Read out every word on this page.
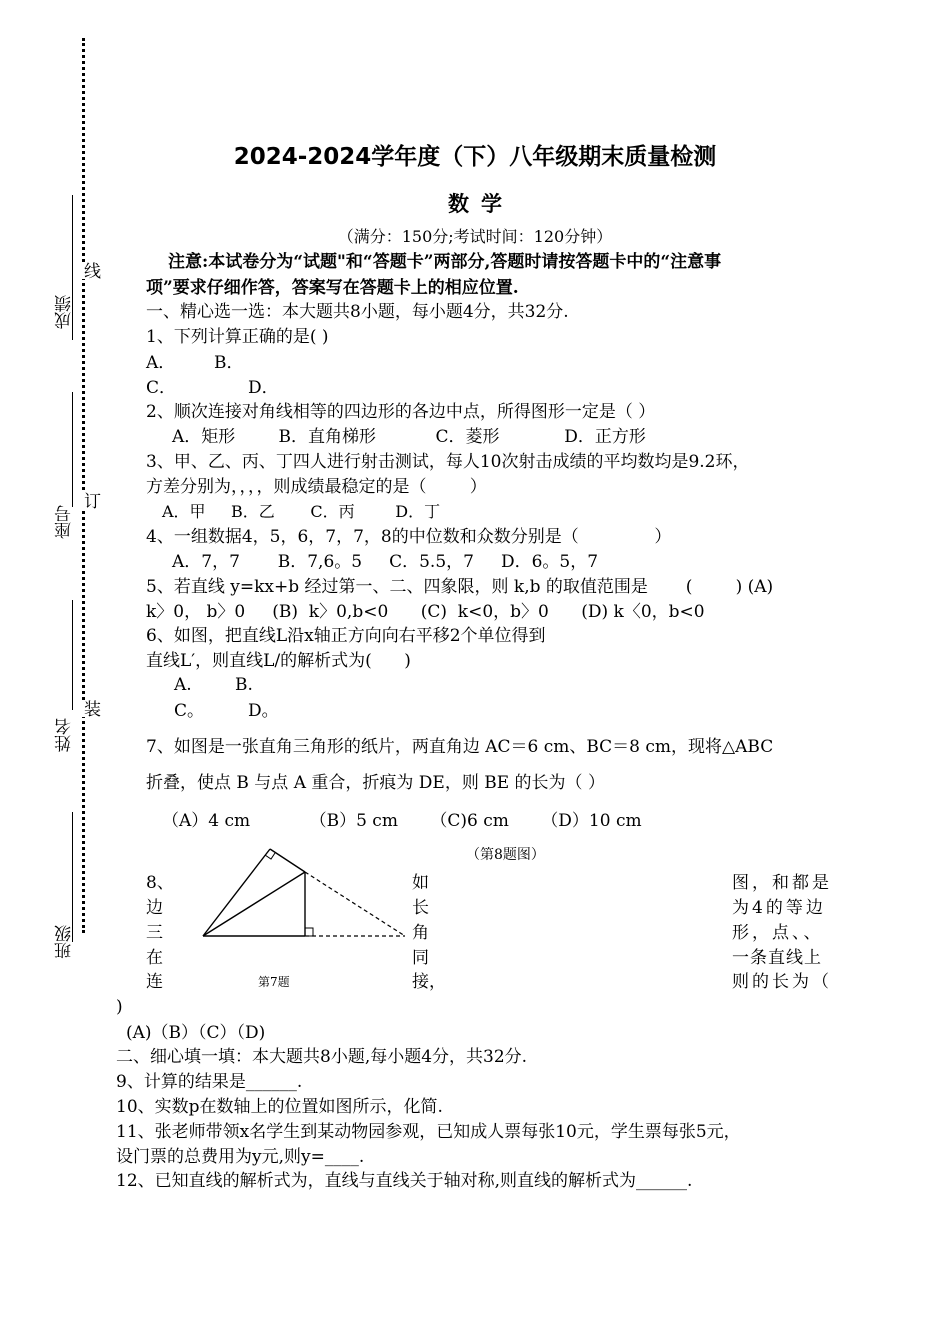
成绩
线
座号
订
姓名
装
班级
2024-2024学年度（下）八年级期末质量检测
数学
（满分：150分;考试时间：120分钟）
注意:本试卷分为“试题"和“答题卡”两部分,答题时请按答题卡中的“注意事
项”要求仔细作答，答案写在答题卡上的相应位置.
一、精心选一选：本大题共8小题，每小题4分，共32分.
1、下列计算正确的是( )
A． B．
C．	D．
2、顺次连接对角线相等的四边形的各边中点，所得图形一定是（ ）
A．矩形        B．直角梯形           C．菱形            D．正方形
3、甲、乙、丙、丁四人进行射击测试，每人10次射击成绩的平均数均是9.2环，
方差分别为，，，，则成绩最稳定的是（        ）
A．甲     B．乙       C．丙        D．丁
4、一组数据4，5，6，7，7，8的中位数和众数分别是（              ）
A．7，7       B．7,6。5     C．5.5，7     D．6。5，7
5、若直线 y=kx+b 经过第一、二、四象限，则 k,b 的取值范围是       (        ) (A)
k〉0， b〉0     (B)  k〉0,b<0      (C)  k<0，b〉0      (D) k〈0，b<0
6、如图，把直线L沿x轴正方向向右平移2个单位得到
直线L′，则直线L/的解析式为(      )
A.	B.
C。	D。
7、如图是一张直角三角形的纸片，两直角边 AC＝6 cm、BC＝8 cm，现将△ABC
折叠，使点 B 与点 A 重合，折痕为 DE，则 BE 的长为（ ）
（A）4 cm           （B）5 cm      （C)6 cm      （D）10 cm
第7题
（第8题图）
8、
边
三
在
连
如
长
角
同
接，
图，和都是
为4的等边
形，点、、
一条直线上
则的长为（
)
(A)（B）（C）（D)
二、细心填一填：本大题共8小题,每小题4分，共32分.
9、计算的结果是______.
10、实数p在数轴上的位置如图所示，化简.
11、张老师带领x名学生到某动物园参观，已知成人票每张10元，学生票每张5元，
设门票的总费用为y元,则y=____.
12、已知直线的解析式为，直线与直线关于轴对称,则直线的解析式为______.
